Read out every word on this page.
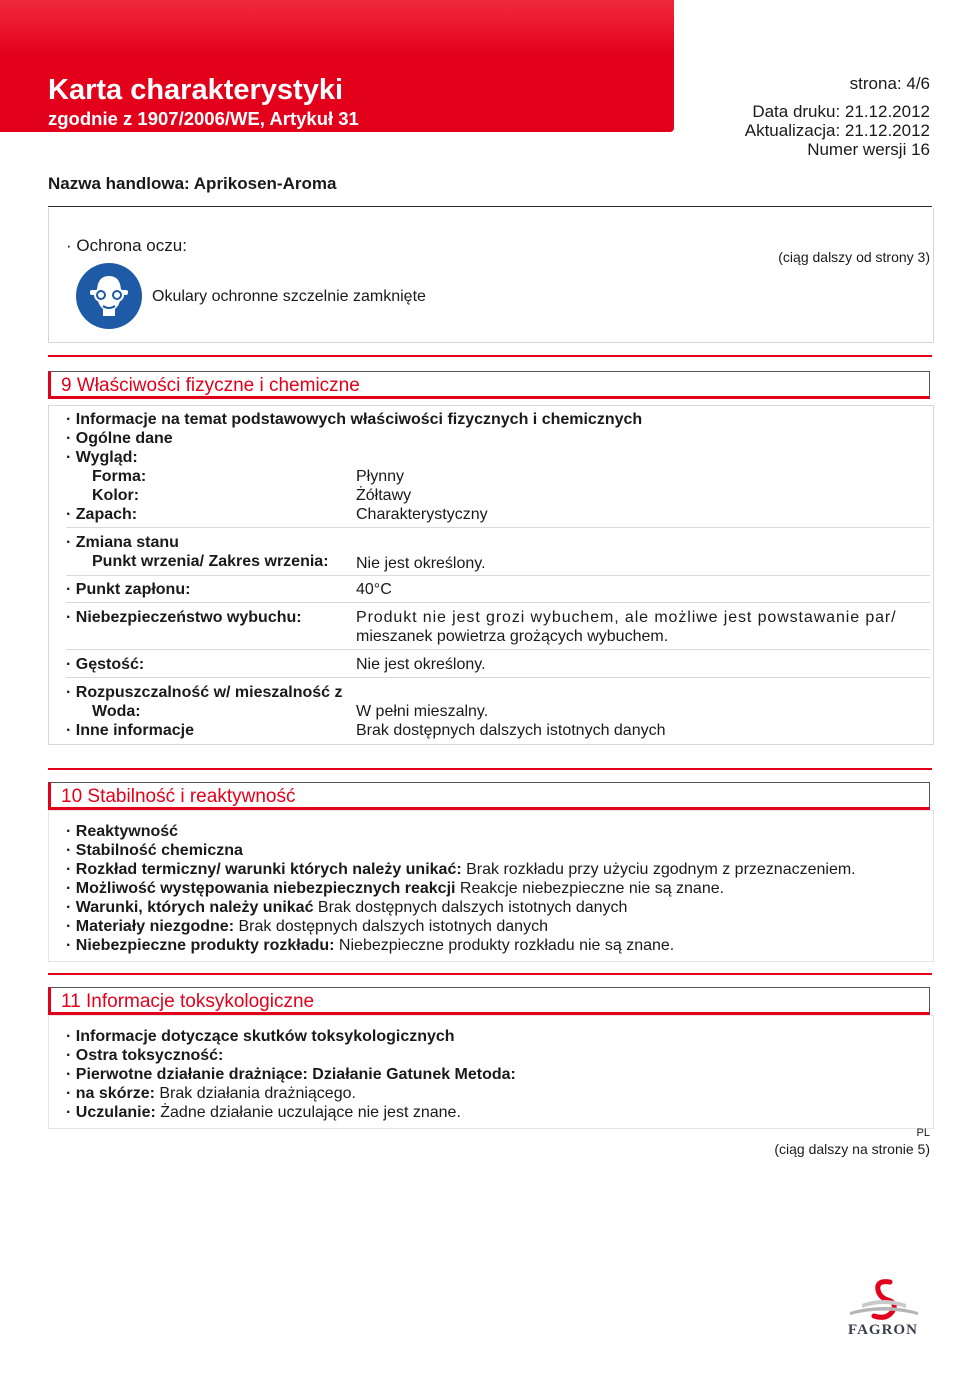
Karta charakterystyki
zgodnie z 1907/2006/WE, Artykuł 31
strona: 4/6
Data druku: 21.12.2012
Aktualizacja: 21.12.2012
Numer wersji 16
Nazwa handlowa: Aprikosen-Aroma
· Ochrona oczu:
(ciąg dalszy od strony 3)
Okulary ochronne szczelnie zamknięte
9 Właściwości fizyczne i chemiczne
· Informacje na temat podstawowych właściwości fizycznych i chemicznych
· Ogólne dane
· Wygląd:
Forma:	Płynny
Kolor:	Żółtawy
· Zapach:	Charakterystyczny
· Zmiana stanu
Punkt wrzenia/ Zakres wrzenia: Nie jest określony.
· Punkt zapłonu:	40°C
· Niebezpieczeństwo wybuchu:	Produkt nie jest grozi wybuchem, ale możliwe jest powstawanie par/
mieszanek powietrza grożących wybuchem.
· Gęstość:	Nie jest określony.
· Rozpuszczalność w/ mieszalność z
Woda:	W pełni mieszalny.
· Inne informacje	Brak dostępnych dalszych istotnych danych
10 Stabilność i reaktywność
· Reaktywność
· Stabilność chemiczna
· Rozkład termiczny/ warunki których należy unikać: Brak rozkładu przy użyciu zgodnym z przeznaczeniem.
· Możliwość występowania niebezpiecznych reakcji Reakcje niebezpieczne nie są znane.
· Warunki, których należy unikać Brak dostępnych dalszych istotnych danych
· Materiały niezgodne: Brak dostępnych dalszych istotnych danych
· Niebezpieczne produkty rozkładu: Niebezpieczne produkty rozkładu nie są znane.
11 Informacje toksykologiczne
· Informacje dotyczące skutków toksykologicznych
· Ostra toksyczność:
· Pierwotne działanie drażniące: Działanie Gatunek Metoda:
· na skórze: Brak działania drażniącego.
· Uczulanie: Żadne działanie uczulające nie jest znane.
PL
(ciąg dalszy na stronie 5)
FAGRON
